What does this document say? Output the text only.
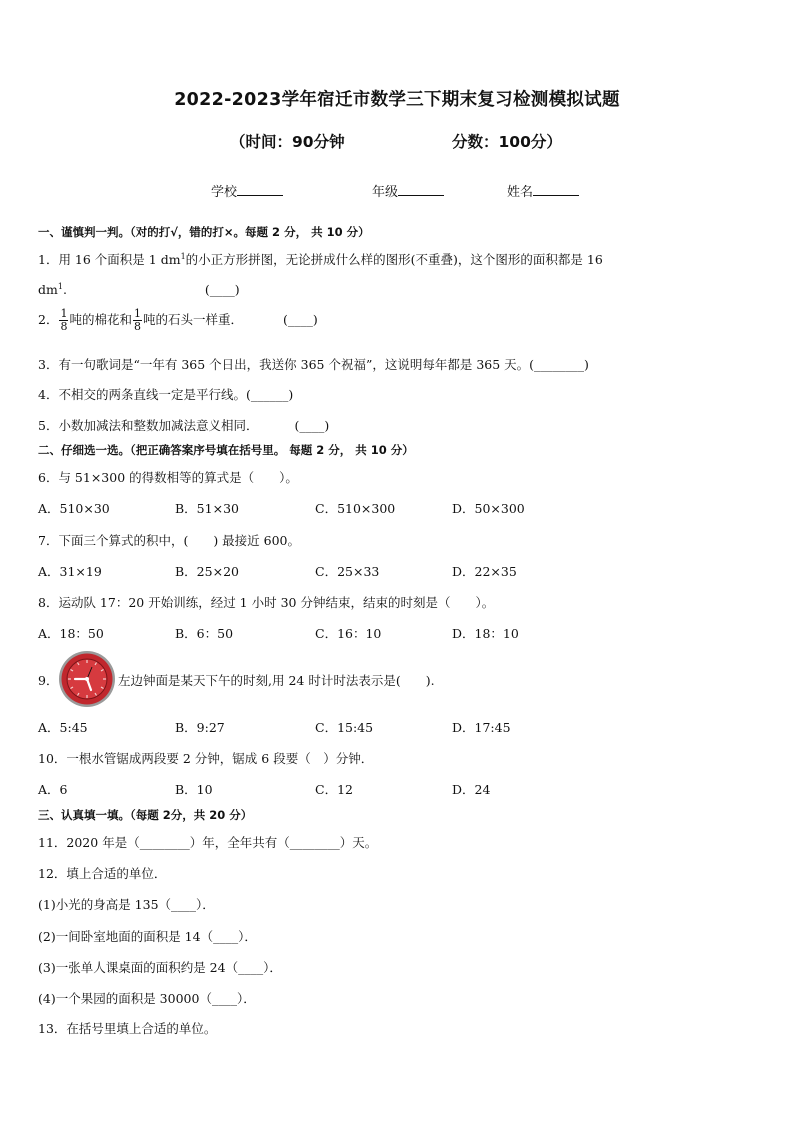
2022-2023学年宿迁市数学三下期末复习检测模拟试题
（时间：90分钟	分数：100分）
学校	年级	姓名
一、谨慎判一判。（对的打√，错的打×。每题 2 分， 共 10 分）
1．用 16 个面积是 1 $dm^1$的小正方形拼图，无论拼成什么样的图形(不重叠)，这个图形的面积都是 16
$dm^1$.	(____)
2． $\frac{1}{8}$ 吨的棉花和 $\frac{1}{8}$ 吨的石头一样重．	(____)
3．有一句歌词是“一年有 365 个日出，我送你 365 个祝福”，这说明每年都是 365 天。(________)
4．不相交的两条直线一定是平行线。(______)
5．小数加减法和整数加减法意义相同．	(____)
二、仔细选一选。（把正确答案序号填在括号里。 每题 2 分， 共 10 分）
6．与 51×300 的得数相等的算式是（　　）。
A．510×30	B．51×30	C．510×300	D．50×300
7．下面三个算式的积中，(　　) 最接近 600。
A．31×19	B．25×20	C．25×33	D．22×35
8．运动队 17：20 开始训练，经过 1 小时 30 分钟结束，结束的时刻是（　　）。
A．18：50	B．6：50	C．16：10	D．18：10
9．	左边钟面是某天下午的时刻,用 24 时计时法表示是(　　).
A．5:45	B．9:27	C．15:45	D．17:45
10．一根水管锯成两段要 2 分钟，锯成 6 段要（　）分钟．
A．6	B．10	C．12	D．24
三、认真填一填。（每题 2分，共 20 分）
11．2020 年是（________）年，全年共有（________）天。
12．填上合适的单位．
(1)小光的身高是 135（____）．
(2)一间卧室地面的面积是 14（____）．
(3)一张单人课桌面的面积约是 24（____）．
(4)一个果园的面积是 30000（____）．
13．在括号里填上合适的单位。
